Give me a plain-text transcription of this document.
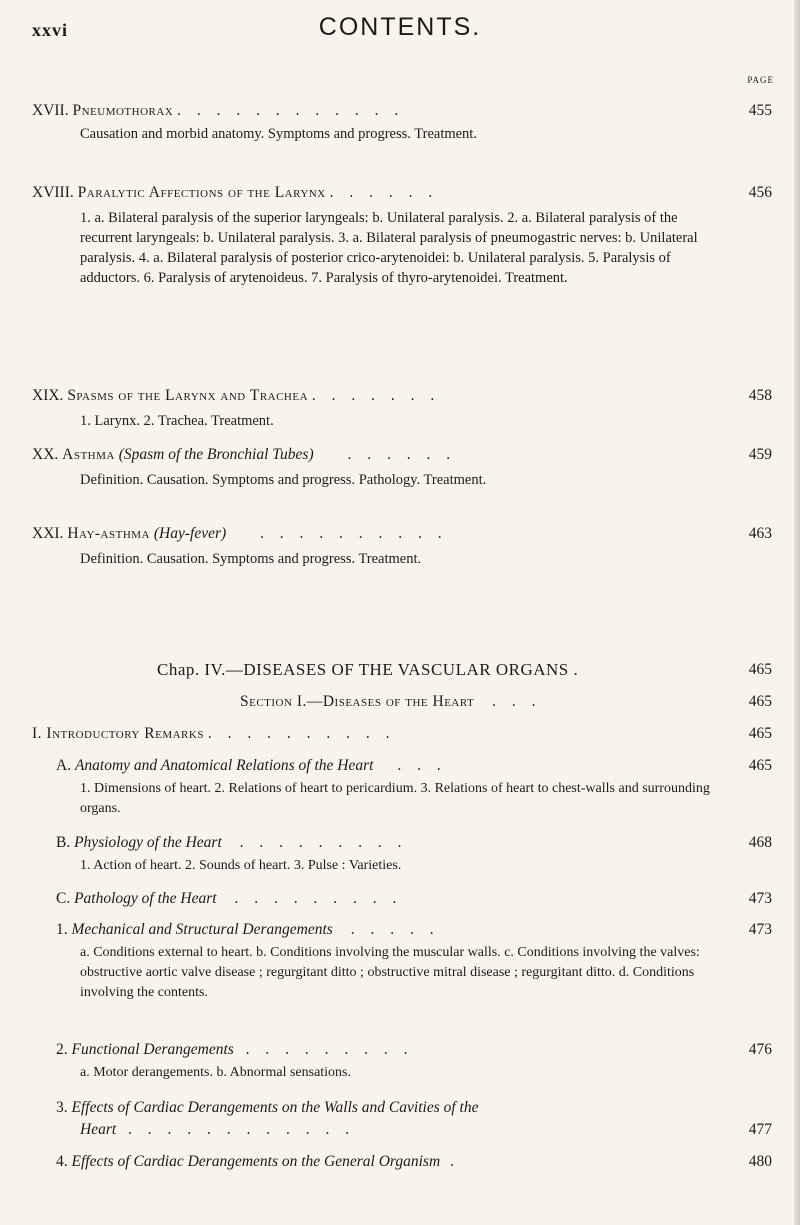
xxvi	CONTENTS.
PAGE
XVII. Pneumothorax . . . . . . . . . . . .	455
Causation and morbid anatomy. Symptoms and progress. Treatment.
XVIII. Paralytic Affections of the Larynx . . . . . .	456
1. a. Bilateral paralysis of the superior laryngeals: b. Unilateral paralysis. 2. a. Bilateral paralysis of the recurrent laryngeals: b. Unilateral paralysis. 3. a. Bilateral paralysis of pneumogastric nerves: b. Unilateral paralysis. 4. a. Bilateral paralysis of posterior crico-arytenoidei: b. Unilateral paralysis. 5. Paralysis of adductors. 6. Paralysis of arytenoideus. 7. Paralysis of thyro-arytenoidei. Treatment.
XIX. Spasms of the Larynx and Trachea . . . . . . .	458
1. Larynx. 2. Trachea. Treatment.
XX. Asthma (Spasm of the Bronchial Tubes) . . . . . .	459
Definition. Causation. Symptoms and progress. Pathology. Treatment.
XXI. Hay-asthma (Hay-fever) . . . . . . . . . .	463
Definition. Causation. Symptoms and progress. Treatment.
Chap. IV.—DISEASES OF THE VASCULAR ORGANS .	465
Section I.—Diseases of the Heart . . .	465
I. Introductory Remarks . . . . . . . . . .	465
A. Anatomy and Anatomical Relations of the Heart . . .	465
1. Dimensions of heart. 2. Relations of heart to pericardium. 3. Relations of heart to chest-walls and surrounding organs.
B. Physiology of the Heart . . . . . . . . .	468
1. Action of heart. 2. Sounds of heart. 3. Pulse : Varieties.
C. Pathology of the Heart . . . . . . . . .	473
1. Mechanical and Structural Derangements . . . . .	473
a. Conditions external to heart. b. Conditions involving the muscular walls. c. Conditions involving the valves: obstructive aortic valve disease ; regurgitant ditto ; obstructive mitral disease ; regurgitant ditto. d. Conditions involving the contents.
2. Functional Derangements . . . . . . . . .	476
a. Motor derangements. b. Abnormal sensations.
3. Effects of Cardiac Derangements on the Walls and Cavities of the
Heart . . . . . . . . . . . .	477
4. Effects of Cardiac Derangements on the General Organism .	480
